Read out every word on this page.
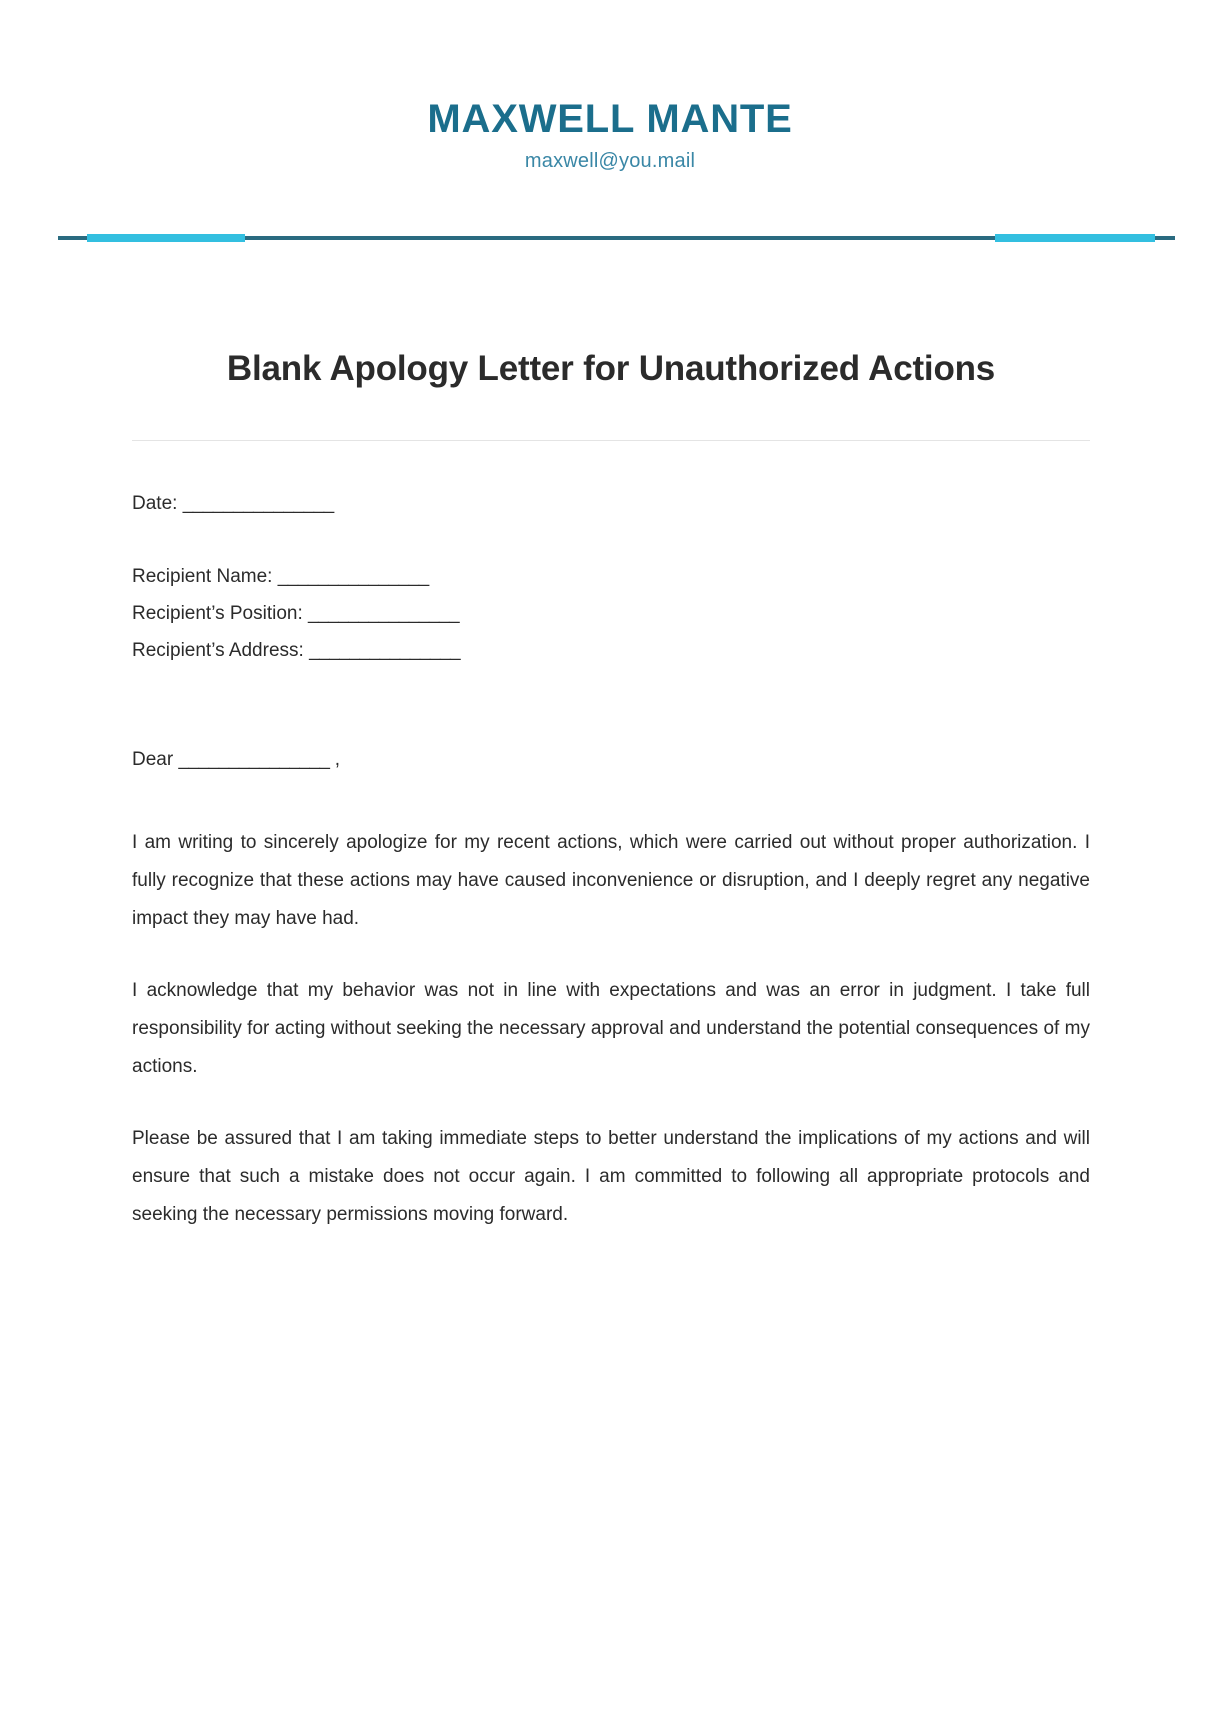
MAXWELL MANTE

maxwell@you.mail

Blank Apology Letter for Unauthorized Actions
Date: _______________
Recipient Name: _______________
Recipient’s Position: _______________
Recipient’s Address: _______________
Dear _______________ ,

I am writing to sincerely apologize for my recent actions, which were carried out without proper authorization. I fully recognize that these actions may have caused inconvenience or disruption, and I deeply regret any negative impact they may have had.

I acknowledge that my behavior was not in line with expectations and was an error in judgment. I take full responsibility for acting without seeking the necessary approval and understand the potential consequences of my actions.

Please be assured that I am taking immediate steps to better understand the implications of my actions and will ensure that such a mistake does not occur again. I am committed to following all appropriate protocols and seeking the necessary permissions moving forward.
